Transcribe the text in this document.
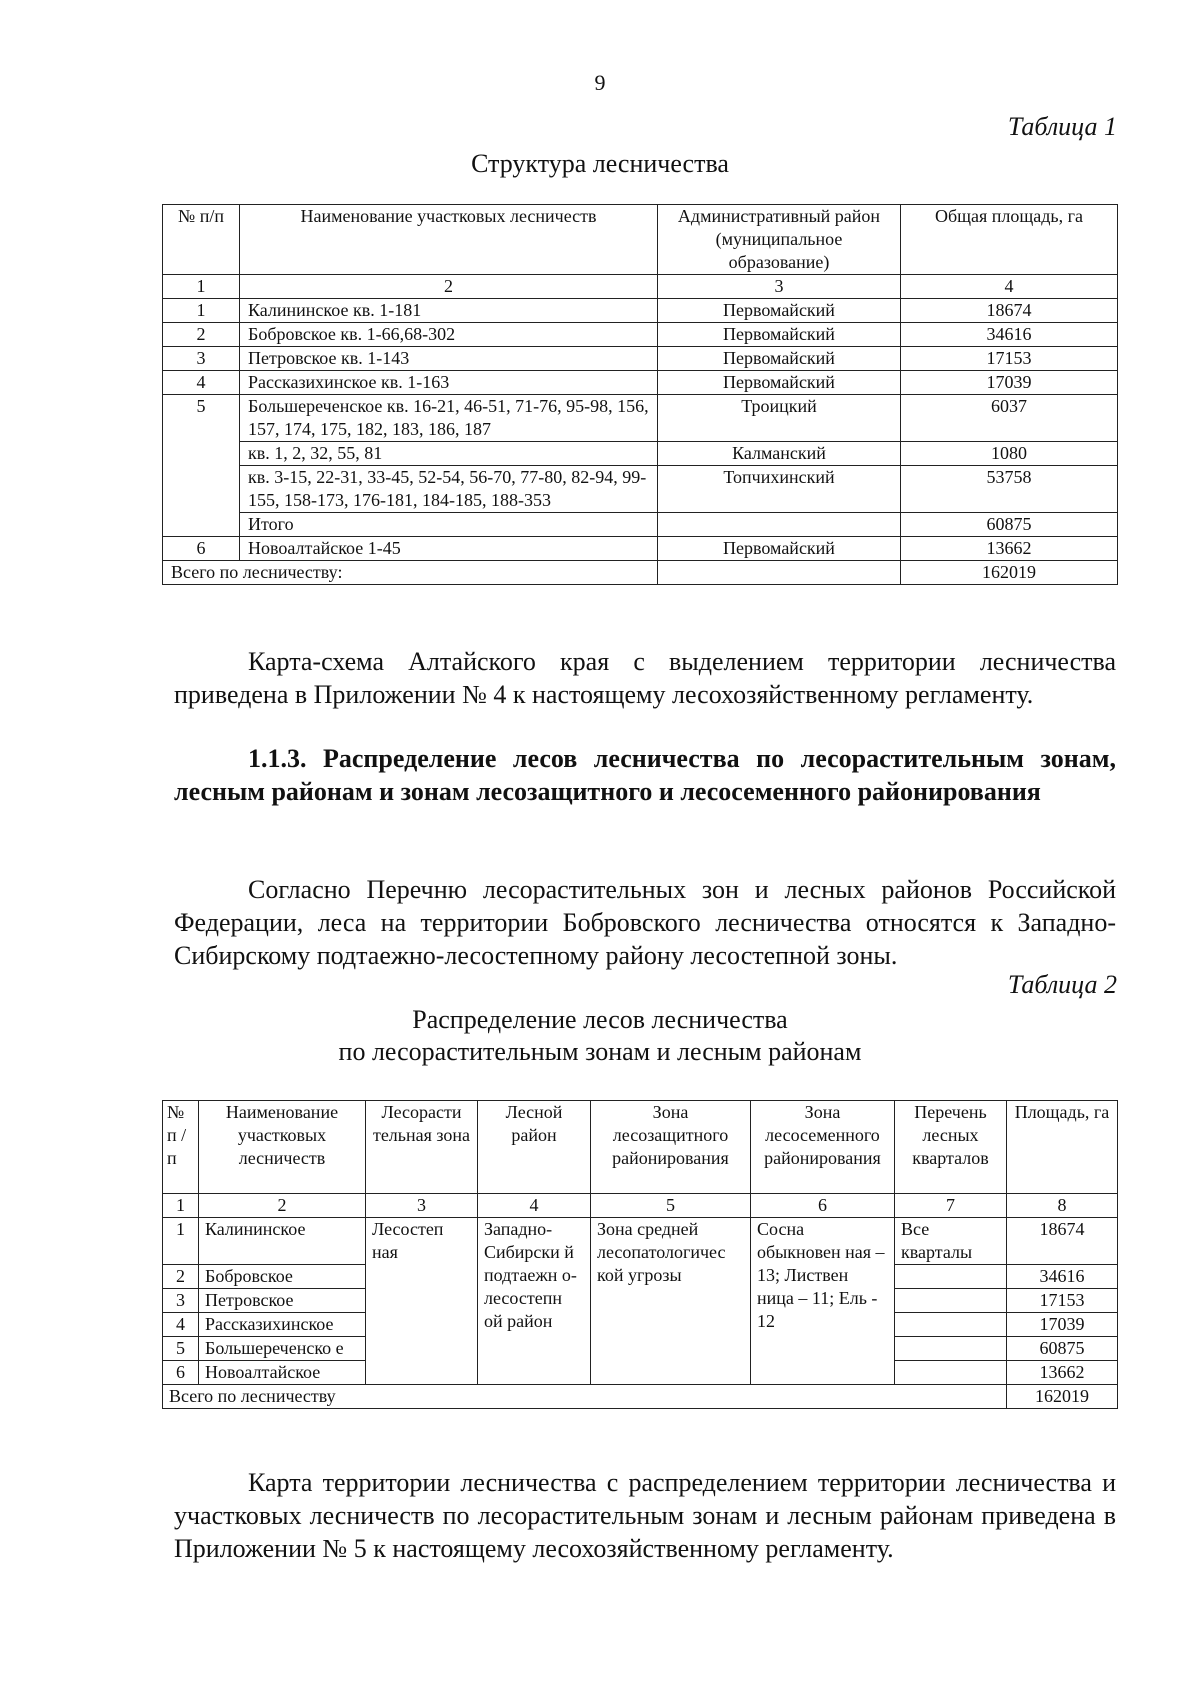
9
Таблица 1
Структура лесничества
№ п/п	Наименование участковых лесничеств	Административный район (муниципальное образование)	Общая площадь, га
1	2	3	4
1	Калининское кв. 1-181	Первомайский	18674
2	Бобровское кв. 1-66,68-302	Первомайский	34616
3	Петровское кв. 1-143	Первомайский	17153
4	Рассказихинское кв. 1-163	Первомайский	17039
5	Большереченское кв. 16-21, 46-51, 71-76, 95-98, 156, 157, 174, 175, 182, 183, 186, 187	Троицкий	6037
	кв. 1, 2, 32, 55, 81	Калманский	1080
	кв. 3-15, 22-31, 33-45, 52-54, 56-70, 77-80, 82-94, 99-155, 158-173, 176-181, 184-185, 188-353	Топчихинский	53758
	Итого		60875
6	Новоалтайское 1-45	Первомайский	13662
Всего по лесничеству:			162019
Карта-схема Алтайского края с выделением территории лесничества приведена в Приложении № 4 к настоящему лесохозяйственному регламенту.
1.1.3. Распределение лесов лесничества по лесорастительным зонам, лесным районам и зонам лесозащитного и лесосеменного районирования
Согласно Перечню лесорастительных зон и лесных районов Российской Федерации, леса на территории Бобровского лесничества относятся к Западно-Сибирскому подтаежно-лесостепному району лесостепной зоны.
Таблица 2
Распределение лесов лесничества
по лесорастительным зонам и лесным районам
№ п / п	Наименование участковых лесничеств	Лесорасти тельная зона	Лесной район	Зона лесозащитного районирования	Зона лесосеменного районирования	Перечень лесных кварталов	Площадь, га
1	2	3	4	5	6	7	8
1	Калининское	Лесостеп ная	Западно-Сибирски й подтаежн о-лесостепн ой район	Зона средней лесопатологичес кой угрозы	Сосна обыкновен ная – 13; Листвен ница – 11; Ель - 12	Все кварталы	18674
2	Бобровское						34616
3	Петровское						17153
4	Рассказихинское						17039
5	Большереченско е						60875
6	Новоалтайское						13662
Всего по лесничеству							162019
Карта территории лесничества с распределением территории лесничества и участковых лесничеств по лесорастительным зонам и лесным районам приведена в Приложении № 5 к настоящему лесохозяйственному регламенту.
